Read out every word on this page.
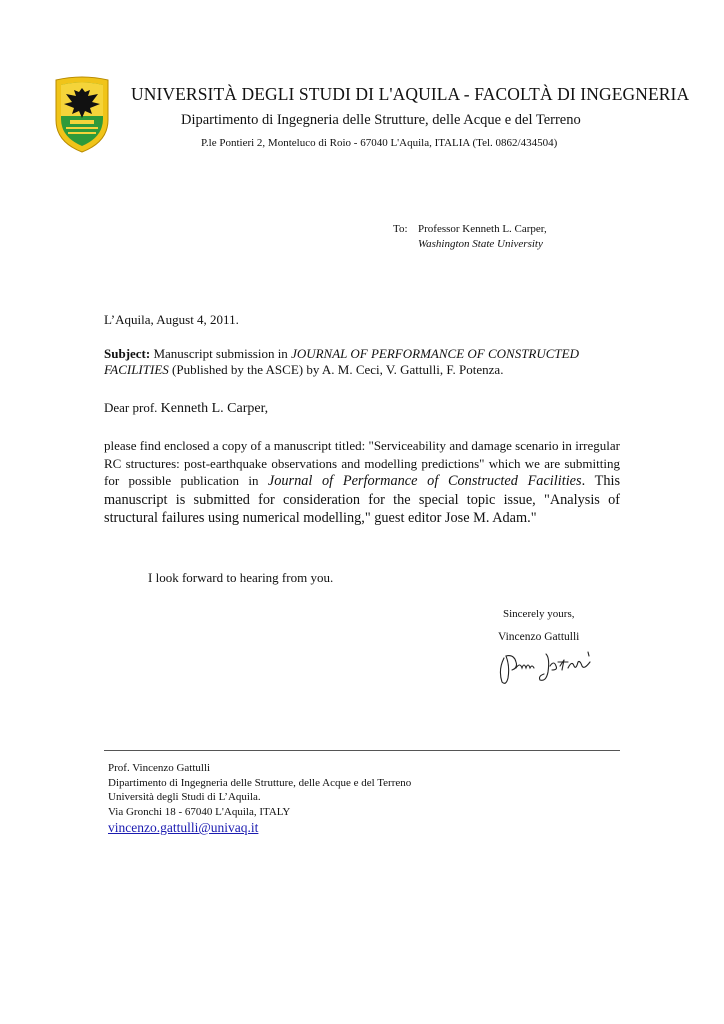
UNIVERSITÀ DEGLI STUDI DI L'AQUILA - FACOLTÀ DI INGEGNERIA
Dipartimento di Ingegneria delle Strutture, delle Acque e del Terreno
P.le Pontieri 2, Monteluco di Roio - 67040 L'Aquila, ITALIA (Tel. 0862/434504)
To: Professor Kenneth L. Carper,
Washington State University
L’Aquila, August 4, 2011.
Subject: Manuscript submission in JOURNAL OF PERFORMANCE OF CONSTRUCTED FACILITIES (Published by the ASCE) by A. M. Ceci, V. Gattulli, F. Potenza.
Dear prof. Kenneth L. Carper,
please find enclosed a copy of a manuscript titled: "Serviceability and damage scenario in irregular RC structures: post-earthquake observations and modelling predictions" which we are submitting for possible publication in Journal of Performance of Constructed Facilities. This manuscript is submitted for consideration for the special topic issue, "Analysis of structural failures using numerical modelling," guest editor Jose M. Adam."
I look forward to hearing from you.
Sincerely yours,
Vincenzo Gattulli
Prof. Vincenzo Gattulli
Dipartimento di Ingegneria delle Strutture, delle Acque e del Terreno
Università degli Studi di L’Aquila.
Via Gronchi 18 - 67040 L'Aquila, ITALY
vincenzo.gattulli@univaq.it
